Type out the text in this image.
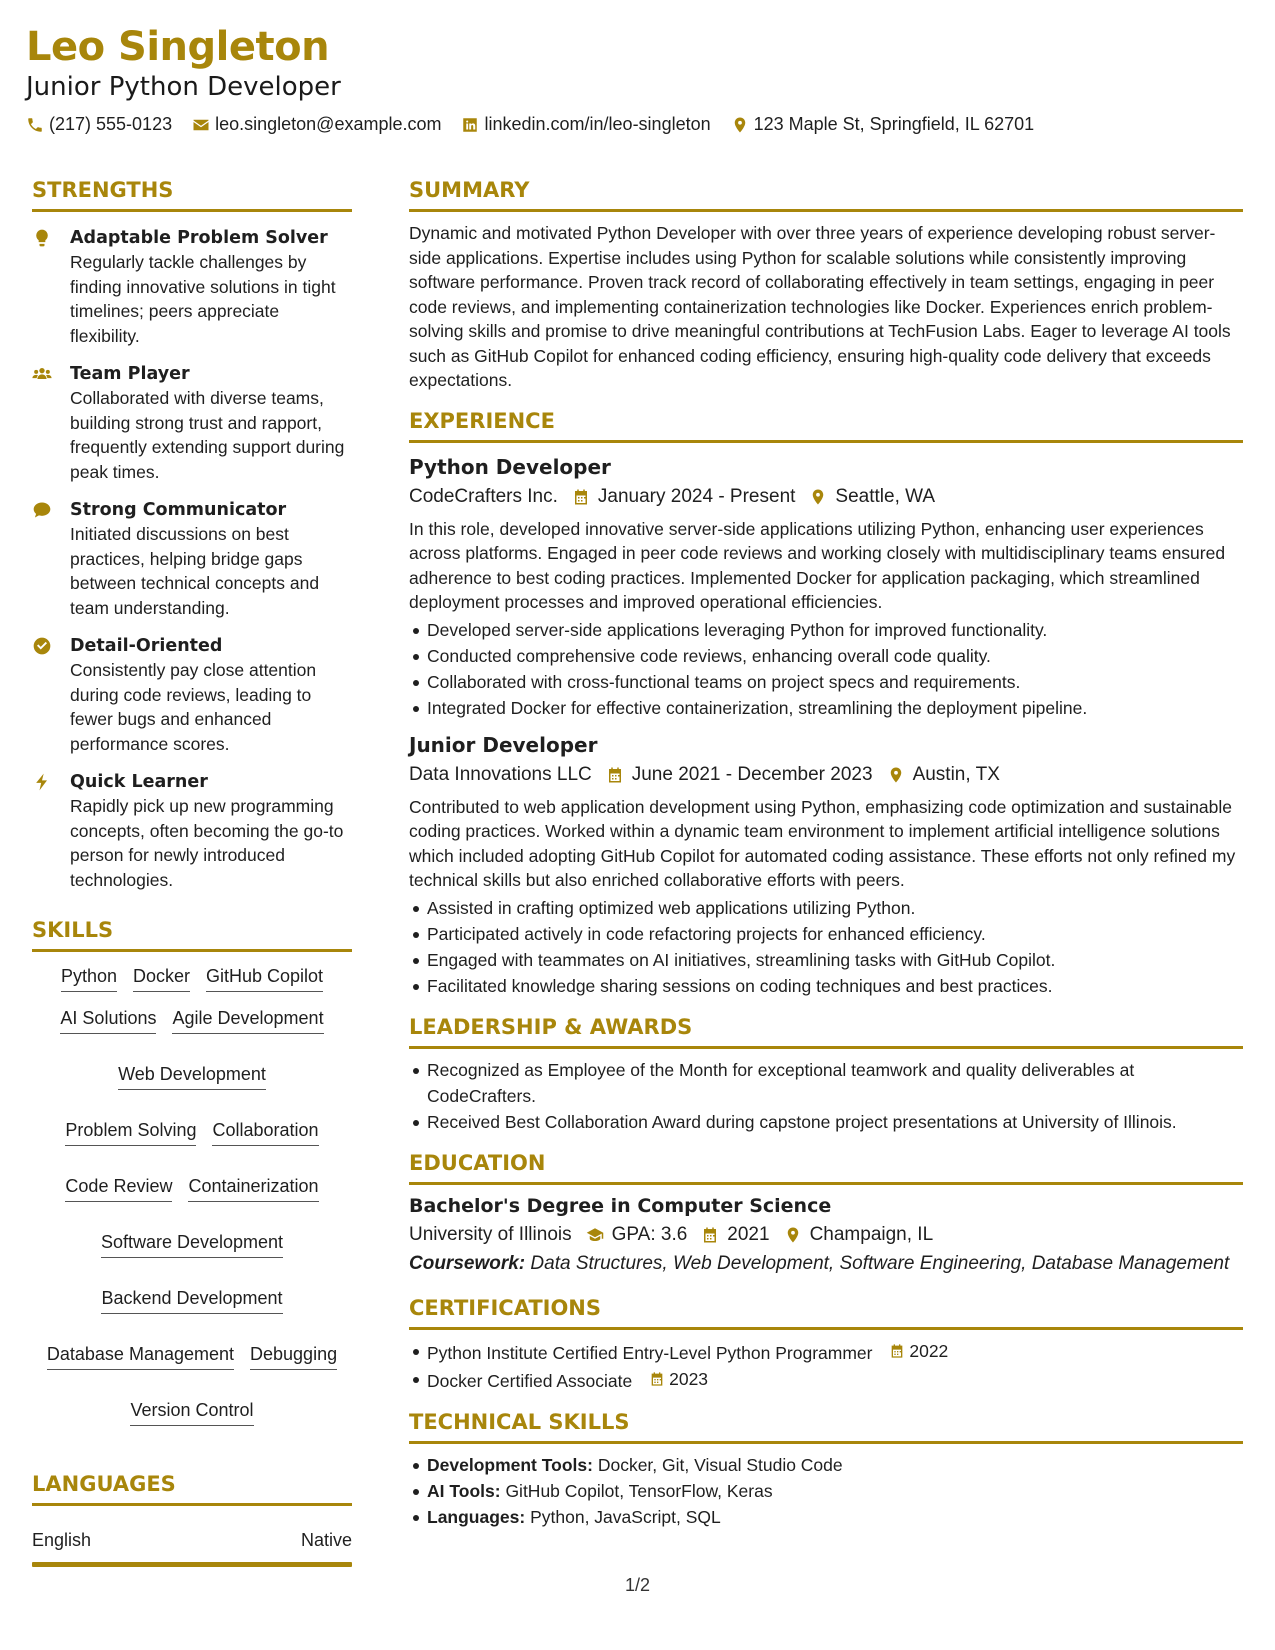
Leo Singleton
Junior Python Developer
(217) 555-0123 leo.singleton@example.com linkedin.com/in/leo-singleton 123 Maple St, Springfield, IL 62701
STRENGTHS
Adaptable Problem Solver
Regularly tackle challenges by finding innovative solutions in tight timelines; peers appreciate flexibility.
Team Player
Collaborated with diverse teams, building strong trust and rapport, frequently extending support during peak times.
Strong Communicator
Initiated discussions on best practices, helping bridge gaps between technical concepts and team understanding.
Detail-Oriented
Consistently pay close attention during code reviews, leading to fewer bugs and enhanced performance scores.
Quick Learner
Rapidly pick up new programming concepts, often becoming the go-to person for newly introduced technologies.
SKILLS
Python Docker GitHub Copilot
AI Solutions Agile Development
Web Development
Problem Solving Collaboration
Code Review Containerization
Software Development
Backend Development
Database Management Debugging
Version Control
LANGUAGES
English	Native
SUMMARY
Dynamic and motivated Python Developer with over three years of experience developing robust server-side applications. Expertise includes using Python for scalable solutions while consistently improving software performance. Proven track record of collaborating effectively in team settings, engaging in peer code reviews, and implementing containerization technologies like Docker. Experiences enrich problem-solving skills and promise to drive meaningful contributions at TechFusion Labs. Eager to leverage AI tools such as GitHub Copilot for enhanced coding efficiency, ensuring high-quality code delivery that exceeds expectations.
EXPERIENCE
Python Developer
CodeCrafters Inc. January 2024 - Present Seattle, WA
In this role, developed innovative server-side applications utilizing Python, enhancing user experiences across platforms. Engaged in peer code reviews and working closely with multidisciplinary teams ensured adherence to best coding practices. Implemented Docker for application packaging, which streamlined deployment processes and improved operational efficiencies.
Developed server-side applications leveraging Python for improved functionality.
Conducted comprehensive code reviews, enhancing overall code quality.
Collaborated with cross-functional teams on project specs and requirements.
Integrated Docker for effective containerization, streamlining the deployment pipeline.
Junior Developer
Data Innovations LLC June 2021 - December 2023 Austin, TX
Contributed to web application development using Python, emphasizing code optimization and sustainable coding practices. Worked within a dynamic team environment to implement artificial intelligence solutions which included adopting GitHub Copilot for automated coding assistance. These efforts not only refined my technical skills but also enriched collaborative efforts with peers.
Assisted in crafting optimized web applications utilizing Python.
Participated actively in code refactoring projects for enhanced efficiency.
Engaged with teammates on AI initiatives, streamlining tasks with GitHub Copilot.
Facilitated knowledge sharing sessions on coding techniques and best practices.
LEADERSHIP & AWARDS
Recognized as Employee of the Month for exceptional teamwork and quality deliverables at CodeCrafters.
Received Best Collaboration Award during capstone project presentations at University of Illinois.
EDUCATION
Bachelor's Degree in Computer Science
University of Illinois GPA: 3.6 2021 Champaign, IL
Coursework: Data Structures, Web Development, Software Engineering, Database Management
CERTIFICATIONS
Python Institute Certified Entry-Level Python Programmer 2022
Docker Certified Associate 2023
TECHNICAL SKILLS
Development Tools: Docker, Git, Visual Studio Code
AI Tools: GitHub Copilot, TensorFlow, Keras
Languages: Python, JavaScript, SQL
1/2
